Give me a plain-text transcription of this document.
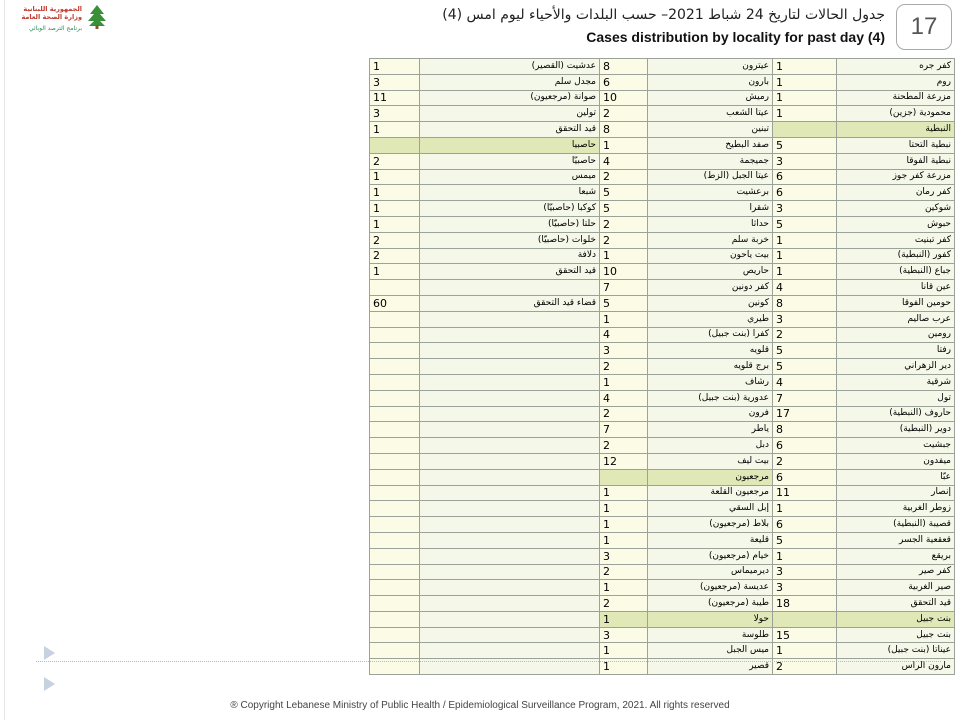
الجمهورية اللبنانية
وزارة الصحة العامة
برنامج الترصد الوبائي
جدول الحالات لتاريخ 24 شباط 2021– حسب البلدات والأحياء ليوم امس (4)
Cases distribution by locality for past day (4)	17
1	عدشيت (القصير)	8	عيترون	1	كفر جره
3	مجدل سلم	6	بارون	1	روم
11	صوانة (مرجعيون)	10	رميش	1	مزرعة المطحنة
3	تولين	2	عيتا الشعب	1	محمودية (جزين)
1	قيد التحقق	8	تبنين		النبطية
	حاصبيا	1	صفد البطيخ	5	نبطية التحتا
2	حاصبيّا	4	جميجمة	3	نبطية الفوقا
1	ميمس	2	عيتا الجبل (الزط)	6	مزرعة كفر جوز
1	شبعا	5	برعشيت	6	كفر رمان
1	كوكبا (حاصبيّا)	5	شقرا	3	شوكين
1	حلتا (حاصبيّا)	2	حداثا	5	حبوش
2	خلوات (حاصبيّا)	2	خربة سلم	1	كفر تبنيت
2	دلافة	1	بيت ياحون	1	كفور (النبطية)
1	قيد التحقق	10	حاريص	1	جباع (النبطية)
		7	كفر دونين	4	عين قانا
60	قضاء قيد التحقق	5	كونين	8	حومين الفوقا
		1	طيري	3	عرب صاليم
		4	كفرا (بنت جبيل)	2	رومين
		3	قلويه	5	رفتا
		2	برج قلويه	5	دير الزهراني
		1	رشاف	4	شرقية
		4	عدورية (بنت جبيل)	7	تول
		2	فرون	17	حاروف (النبطية)
		7	ياطر	8	دوير (النبطية)
		2	دبل	6	جبشيت
		12	بيت ليف	2	ميفدون
			مرجعيون	6	عبّا
		1	مرجعيون القلعة	11	إنصار
		1	إبل السقي	1	زوطر الغربية
		1	بلاط (مرجعيون)	6	قصيبة (النبطية)
		1	قليعة	5	قعقعية الجسر
		3	خيام (مرجعيون)	1	بريقع
		2	ديرميماس	3	كفر صير
		1	عديسة (مرجعيون)	3	صير الغربية
		2	طيبة (مرجعيون)	18	قيد التحقق
		1	حولا		بنت جبيل
		3	طلوسة	15	بنت جبيل
		1	ميس الجبل	1	عيناتا (بنت جبيل)
		1	قصير	2	مارون الراس
® Copyright Lebanese Ministry of Public Health / Epidemiological Surveillance Program, 2021. All rights reserved
